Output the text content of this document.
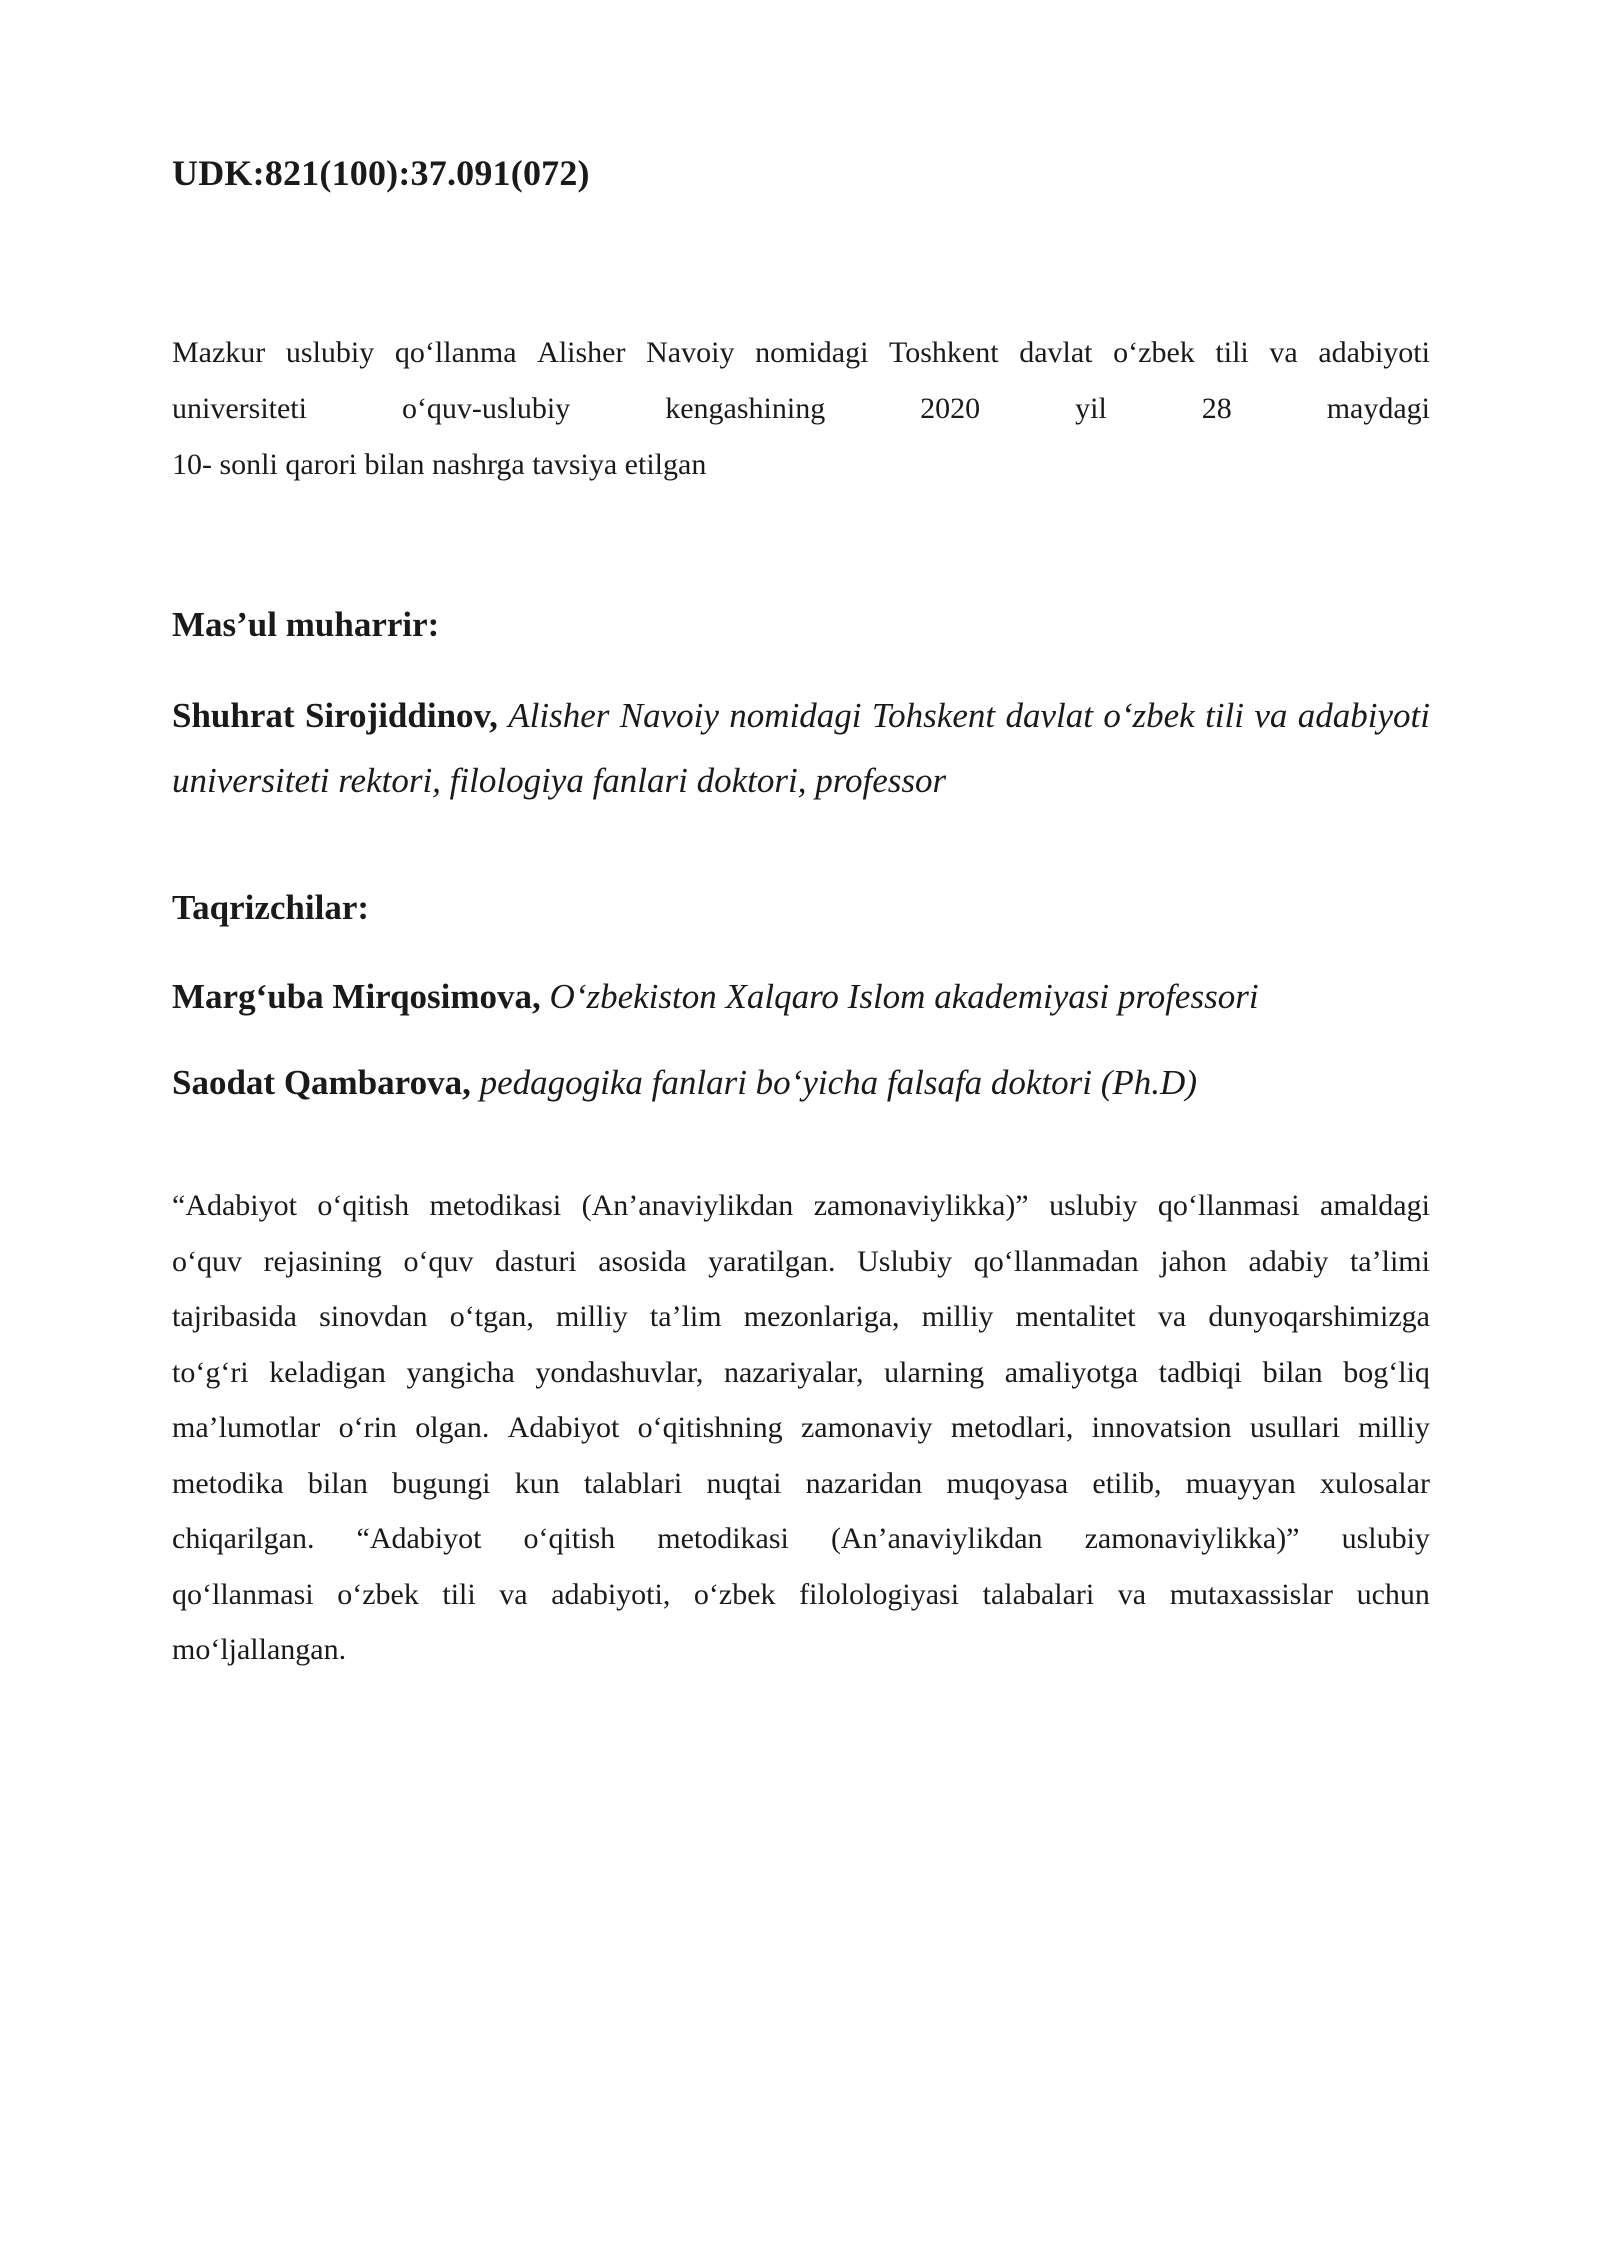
UDK:821(100):37.091(072)
Mazkur uslubiy qo‘llanma Alisher Navoiy nomidagi Toshkent davlat o‘zbek tili va adabiyoti
universiteti	o‘quv-uslubiy	kengashining	2020	yil	28	maydagi
10- sonli qarori bilan nashrga tavsiya etilgan
Mas’ul muharrir:
Shuhrat Sirojiddinov, Alisher Navoiy nomidagi Tohskent davlat o‘zbek tili va adabiyoti universiteti rektori, filologiya fanlari doktori, professor
Taqrizchilar:
Marg‘uba Mirqosimova, O‘zbekiston Xalqaro Islom akademiyasi professori
Saodat Qambarova, pedagogika fanlari bo‘yicha falsafa doktori (Ph.D)
“Adabiyot o‘qitish metodikasi (An’anaviylikdan zamonaviylikka)” uslubiy qo‘llanmasi amaldagi
o‘quv rejasining o‘quv dasturi asosida yaratilgan. Uslubiy qo‘llanmadan jahon adabiy ta’limi
tajribasida sinovdan o‘tgan, milliy ta’lim mezonlariga, milliy mentalitet va dunyoqarshimizga
to‘g‘ri keladigan yangicha yondashuvlar, nazariyalar, ularning amaliyotga tadbiqi bilan bog‘liq
ma’lumotlar o‘rin olgan. Adabiyot o‘qitishning zamonaviy metodlari, innovatsion usullari milliy
metodika bilan bugungi kun talablari nuqtai nazaridan muqoyasa etilib, muayyan xulosalar
chiqarilgan. “Adabiyot o‘qitish metodikasi (An’anaviylikdan zamonaviylikka)” uslubiy
qo‘llanmasi o‘zbek tili va adabiyoti, o‘zbek filolologiyasi talabalari va mutaxassislar uchun
mo‘ljallangan.
